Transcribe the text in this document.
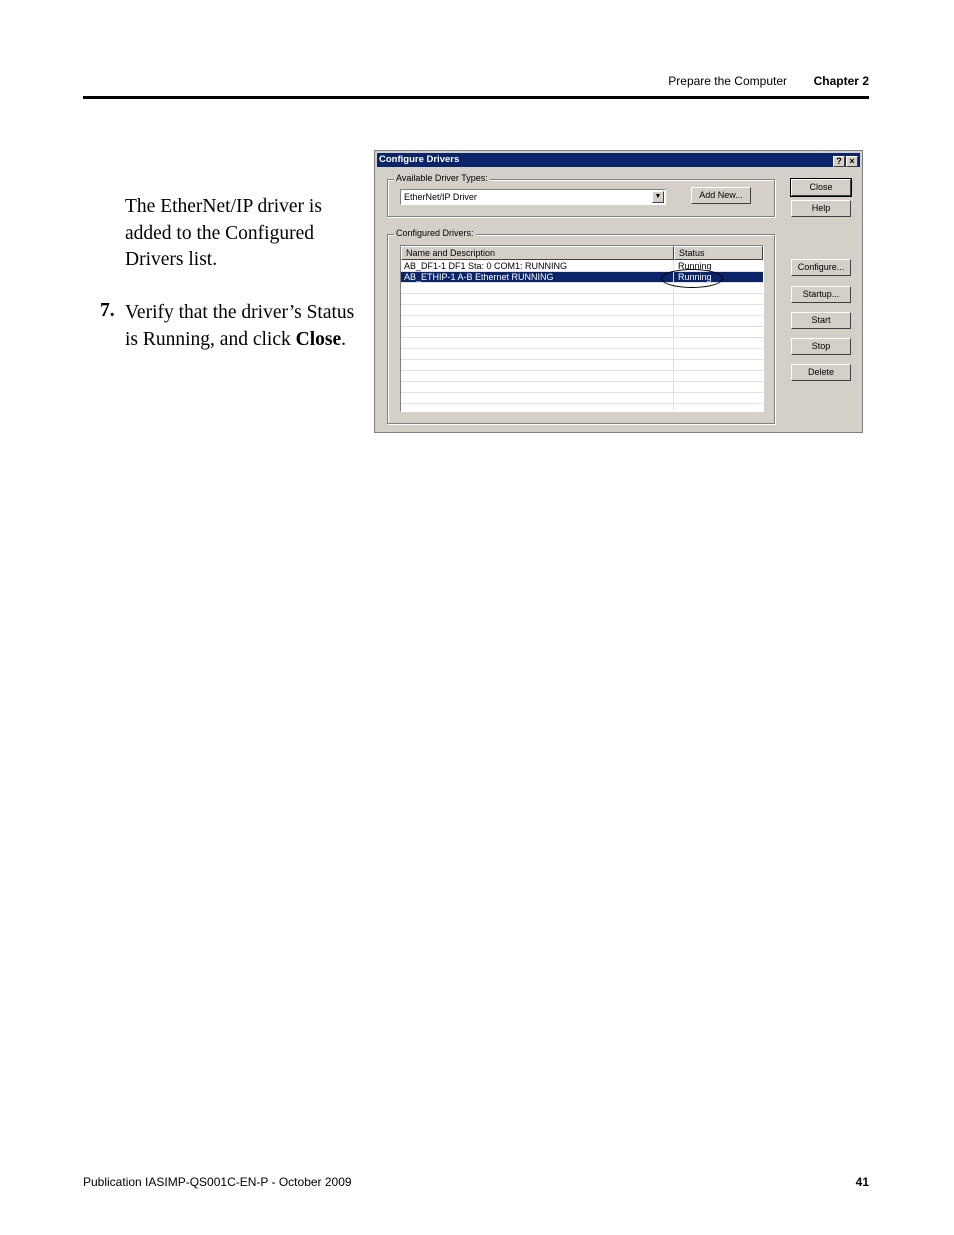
Prepare the Computer Chapter 2
The EtherNet/IP driver is added to the Configured Drivers list.
7. Verify that the driver’s Status is Running, and click Close.
Configure Drivers	? ×
Available Driver Types:
EtherNet/IP Driver	▼	Add New...
Configured Drivers:
Name and Description	Status
AB_DF1-1 DF1 Sta: 0 COM1: RUNNING	Running
AB_ETHIP-1 A-B Ethernet RUNNING	Running
Close
Help
Configure...
Startup...
Start
Stop
Delete
Publication IASIMP-QS001C-EN-P - October 2009	41
